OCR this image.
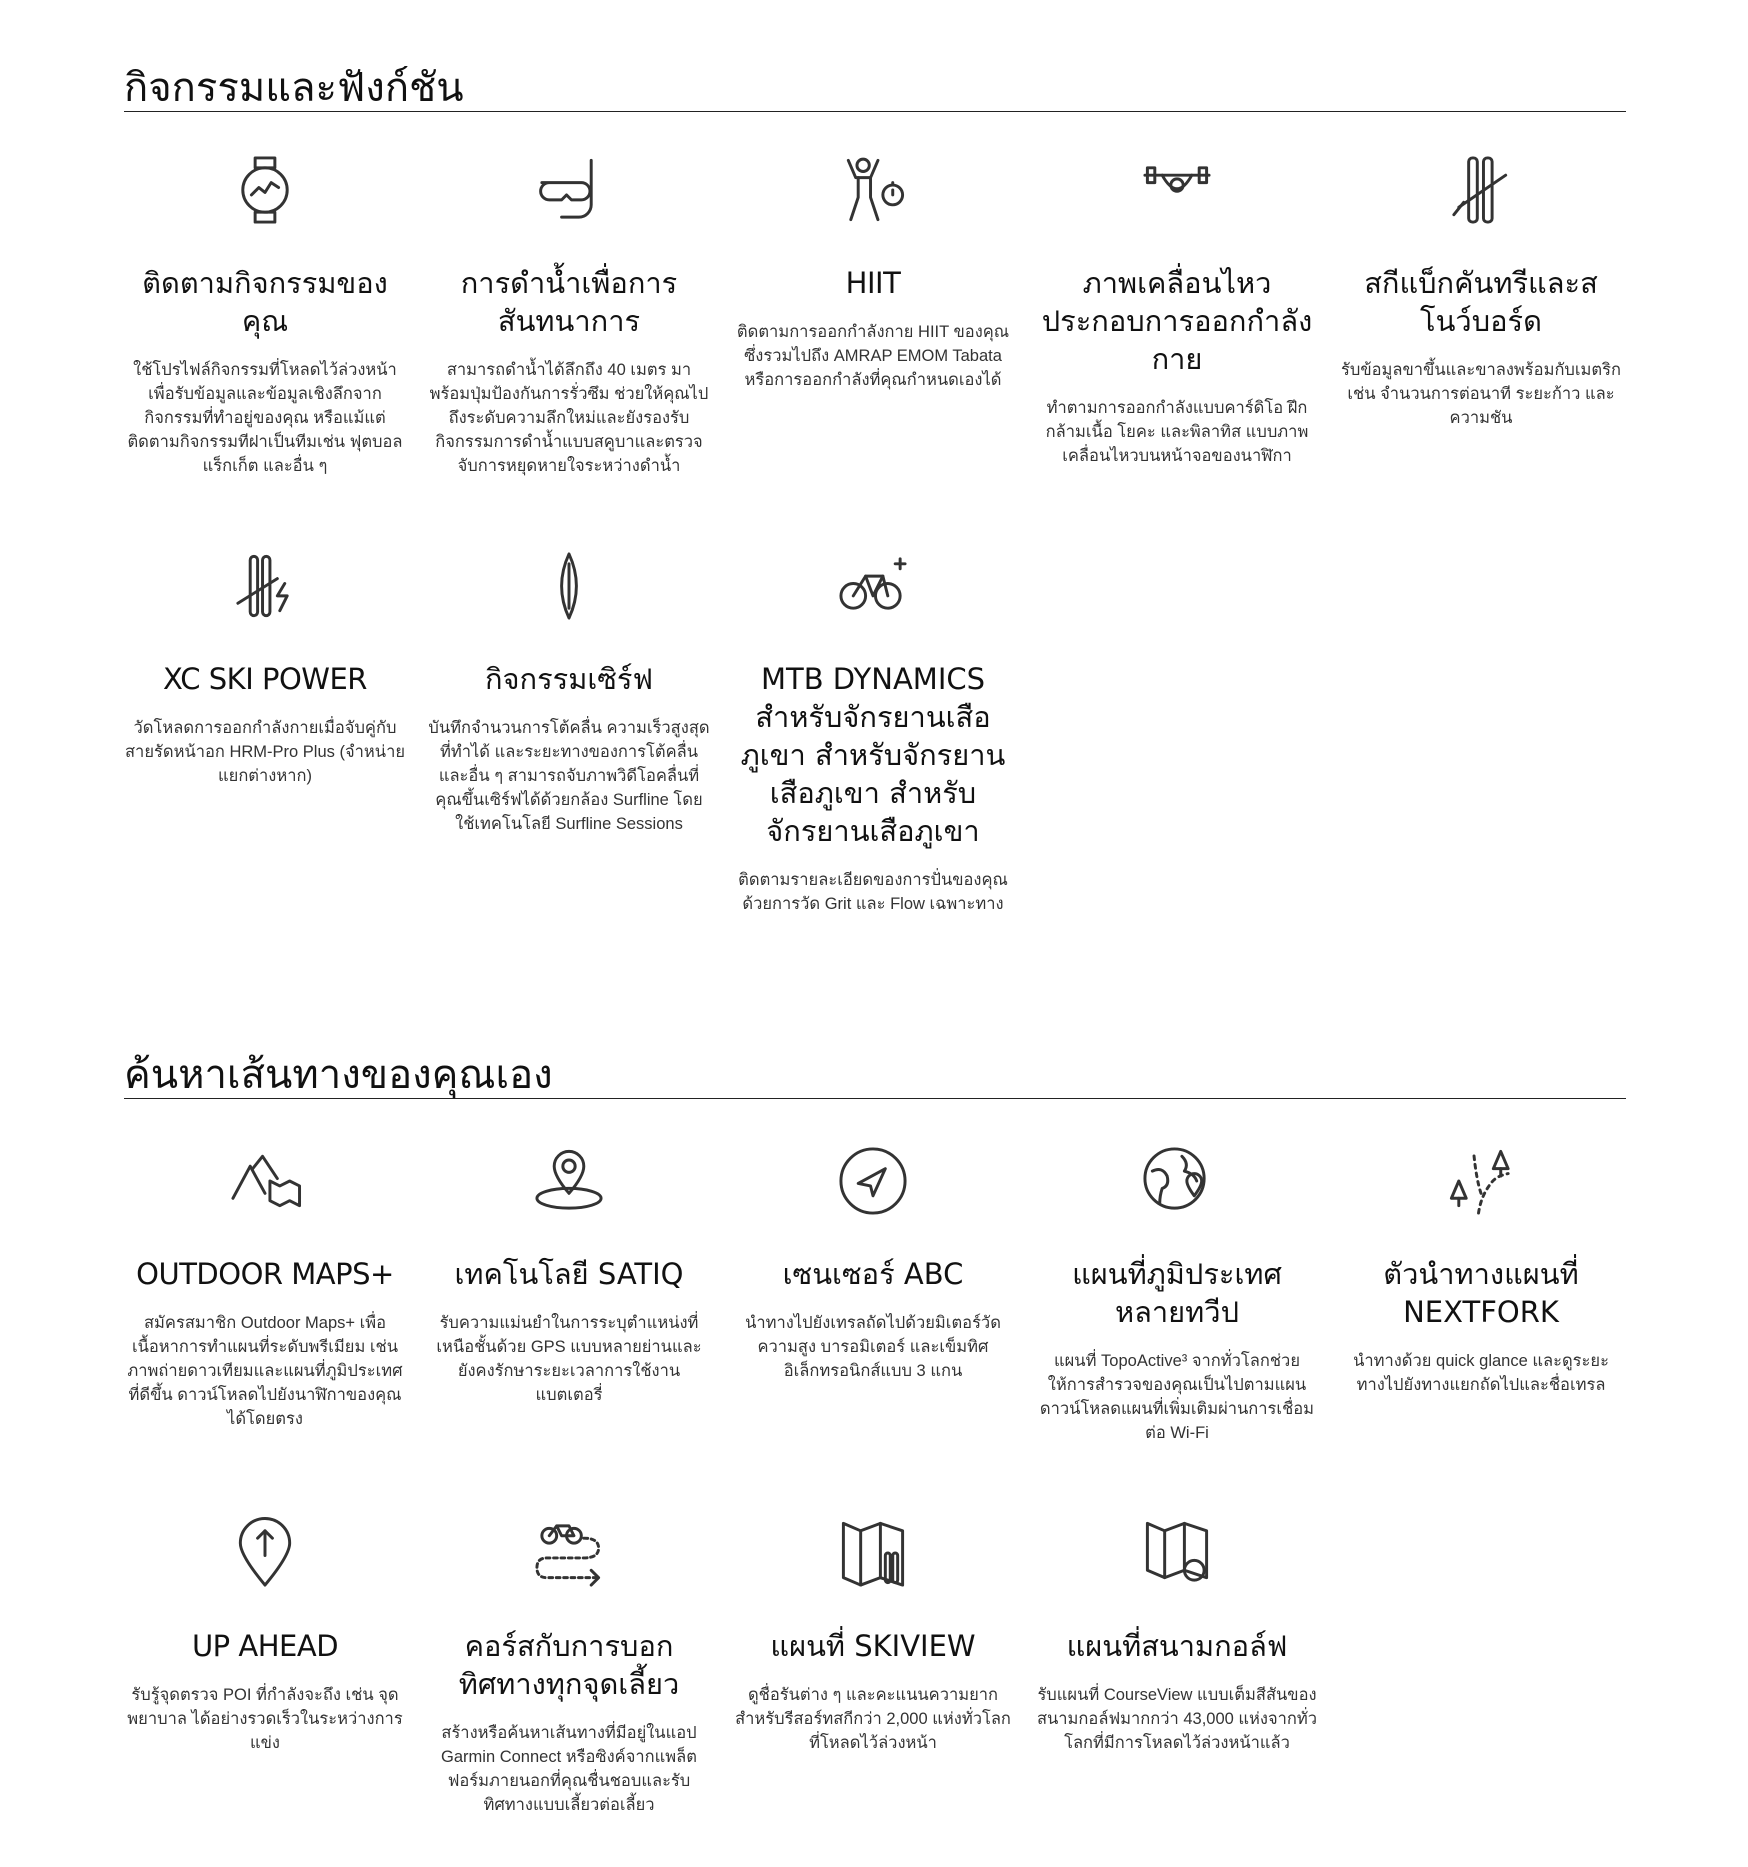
กิจกรรมและฟังก์ชัน
ติดตามกิจกรรมของคุณ

ใช้โปรไฟล์กิจกรรมที่โหลดไว้ล่วงหน้าเพื่อรับข้อมูลและข้อมูลเชิงลึกจากกิจกรรมที่ทำอยู่ของคุณ หรือแม้แต่ติดตามกิจกรรมทีฝาเป็นทีมเช่น ฟุตบอล แร็กเก็ต และอื่น ๆ

การดำน้ำเพื่อการสันทนาการ

สามารถดำน้ำได้ลึกถึง 40 เมตร มาพร้อมปุ่มป้องกันการรั่วซึม ช่วยให้คุณไปถึงระดับความลึกใหม่และยังรองรับกิจกรรมการดำน้ำแบบสคูบาและตรวจจับการหยุดหายใจระหว่างดำน้ำ

HIIT

ติดตามการออกกำลังกาย HIIT ของคุณ ซึ่งรวมไปถึง AMRAP EMOM Tabata หรือการออกกำลังที่คุณกำหนดเองได้

ภาพเคลื่อนไหวประกอบการออกกำลังกาย

ทำตามการออกกำลังแบบคาร์ดิโอ ฝึกกล้ามเนื้อ โยคะ และพิลาทิส แบบภาพเคลื่อนไหวบนหน้าจอของนาฬิกา

สกีแบ็กคันทรีและสโนว์บอร์ด

รับข้อมูลขาขึ้นและขาลงพร้อมกับเมตริก เช่น จำนวนการต่อนาที ระยะก้าว และความชัน

XC SKI POWER

วัดโหลดการออกกำลังกายเมื่อจับคู่กับสายรัดหน้าอก HRM-Pro Plus (จำหน่ายแยกต่างหาก)

กิจกรรมเซิร์ฟ

บันทึกจำนวนการโต้คลื่น ความเร็วสูงสุดที่ทำได้ และระยะทางของการโต้คลื่นและอื่น ๆ สามารถจับภาพวิดีโอคลื่นที่คุณขึ้นเซิร์ฟได้ด้วยกล้อง Surfline โดยใช้เทคโนโลยี Surfline Sessions

MTB DYNAMICS สำหรับจักรยานเสือภูเขา สำหรับจักรยานเสือภูเขา สำหรับจักรยานเสือภูเขา

ติดตามรายละเอียดของการปั่นของคุณด้วยการวัด Grit และ Flow เฉพาะทาง

ค้นหาเส้นทางของคุณเอง
OUTDOOR MAPS+

สมัครสมาชิก Outdoor Maps+ เพื่อเนื้อหาการทำแผนที่ระดับพรีเมียม เช่น ภาพถ่ายดาวเทียมและแผนที่ภูมิประเทศที่ดีขึ้น ดาวน์โหลดไปยังนาฬิกาของคุณได้โดยตรง

เทคโนโลยี SATIQ

รับความแม่นยำในการระบุตำแหน่งที่เหนือชั้นด้วย GPS แบบหลายย่านและยังคงรักษาระยะเวลาการใช้งานแบตเตอรี่

เซนเซอร์ ABC

นำทางไปยังเทรลถัดไปด้วยมิเตอร์วัดความสูง บารอมิเตอร์ และเข็มทิศอิเล็กทรอนิกส์แบบ 3 แกน

แผนที่ภูมิประเทศหลายทวีป

แผนที่ TopoActive³ จากทั่วโลกช่วยให้การสำรวจของคุณเป็นไปตามแผน ดาวน์โหลดแผนที่เพิ่มเติมผ่านการเชื่อมต่อ Wi-Fi

ตัวนำทางแผนที่ NEXTFORK

นำทางด้วย quick glance และดูระยะทางไปยังทางแยกถัดไปและชื่อเทรล

UP AHEAD

รับรู้จุดตรวจ POI ที่กำลังจะถึง เช่น จุดพยาบาล ได้อย่างรวดเร็วในระหว่างการแข่ง

คอร์สกับการบอกทิศทางทุกจุดเลี้ยว

สร้างหรือค้นหาเส้นทางที่มีอยู่ในแอป Garmin Connect หรือซิงค์จากแพล็ตฟอร์มภายนอกที่คุณชื่นชอบและรับทิศทางแบบเลี้ยวต่อเลี้ยว

แผนที่ SKIVIEW

ดูชื่อรันต่าง ๆ และคะแนนความยากสำหรับรีสอร์ทสกีกว่า 2,000 แห่งทั่วโลกที่โหลดไว้ล่วงหน้า

แผนที่สนามกอล์ฟ

รับแผนที่ CourseView แบบเต็มสีสันของสนามกอล์ฟมากกว่า 43,000 แห่งจากทั่วโลกที่มีการโหลดไว้ล่วงหน้าแล้ว
